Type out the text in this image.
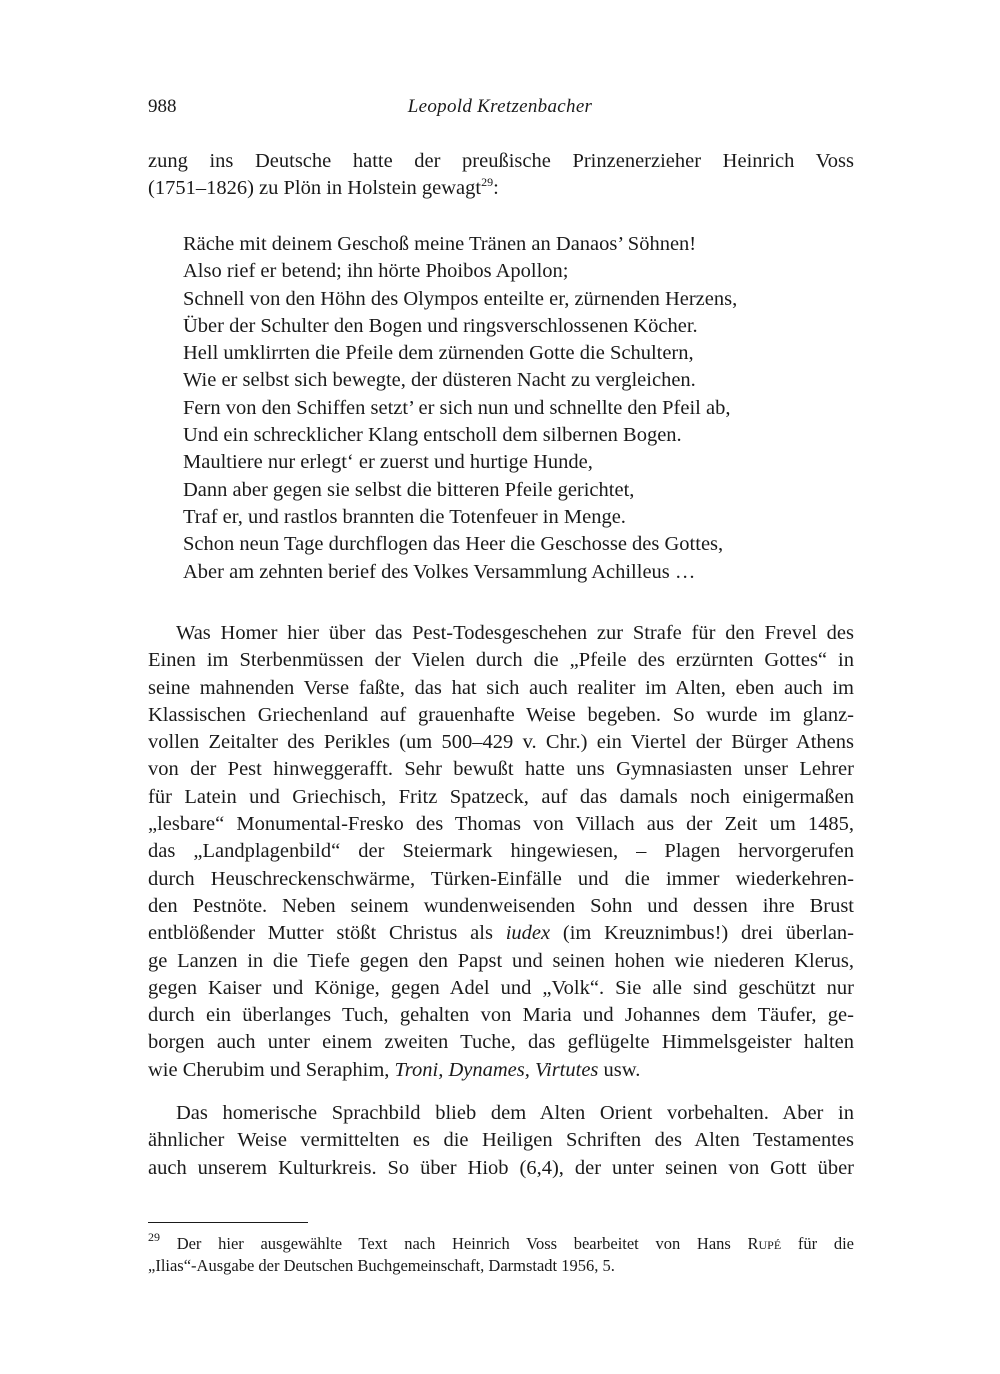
988	Leopold Kretzenbacher
zung ins Deutsche hatte der preußische Prinzenerzieher Heinrich Voss
(1751–1826) zu Plön in Holstein gewagt$^{29}$:
Räche mit deinem Geschoß meine Tränen an Danaos’ Söhnen!
Also rief er betend; ihn hörte Phoibos Apollon;
Schnell von den Höhn des Olympos enteilte er, zürnenden Herzens,
Über der Schulter den Bogen und ringsverschlossenen Köcher.
Hell umklirrten die Pfeile dem zürnenden Gotte die Schultern,
Wie er selbst sich bewegte, der düsteren Nacht zu vergleichen.
Fern von den Schiffen setzt’ er sich nun und schnellte den Pfeil ab,
Und ein schrecklicher Klang entscholl dem silbernen Bogen.
Maultiere nur erlegt‘ er zuerst und hurtige Hunde,
Dann aber gegen sie selbst die bitteren Pfeile gerichtet,
Traf er, und rastlos brannten die Totenfeuer in Menge.
Schon neun Tage durchflogen das Heer die Geschosse des Gottes,
Aber am zehnten berief des Volkes Versammlung Achilleus …
Was Homer hier über das Pest-Todesgeschehen zur Strafe für den Frevel des
Einen im Sterbenmüssen der Vielen durch die „Pfeile des erzürnten Gottes“ in
seine mahnenden Verse faßte, das hat sich auch realiter im Alten, eben auch im
Klassischen Griechenland auf grauenhafte Weise begeben. So wurde im glanz-
vollen Zeitalter des Perikles (um 500–429 v. Chr.) ein Viertel der Bürger Athens
von der Pest hinweggerafft. Sehr bewußt hatte uns Gymnasiasten unser Lehrer
für Latein und Griechisch, Fritz Spatzeck, auf das damals noch einigermaßen
„lesbare“ Monumental-Fresko des Thomas von Villach aus der Zeit um 1485,
das „Landplagenbild“ der Steiermark hingewiesen, – Plagen hervorgerufen
durch Heuschreckenschwärme, Türken-Einfälle und die immer wiederkehren-
den Pestnöte. Neben seinem wundenweisenden Sohn und dessen ihre Brust
entblößender Mutter stößt Christus als iudex (im Kreuznimbus!) drei überlan-
ge Lanzen in die Tiefe gegen den Papst und seinen hohen wie niederen Klerus,
gegen Kaiser und Könige, gegen Adel und „Volk“. Sie alle sind geschützt nur
durch ein überlanges Tuch, gehalten von Maria und Johannes dem Täufer, ge-
borgen auch unter einem zweiten Tuche, das geflügelte Himmelsgeister halten
wie Cherubim und Seraphim, Troni, Dynames, Virtutes usw.
Das homerische Sprachbild blieb dem Alten Orient vorbehalten. Aber in
ähnlicher Weise vermittelten es die Heiligen Schriften des Alten Testamentes
auch unserem Kulturkreis. So über Hiob (6,4), der unter seinen von Gott über
$^{29}$ Der hier ausgewählte Text nach Heinrich Voss bearbeitet von Hans Rupé für die
„Ilias“-Ausgabe der Deutschen Buchgemeinschaft, Darmstadt 1956, 5.
